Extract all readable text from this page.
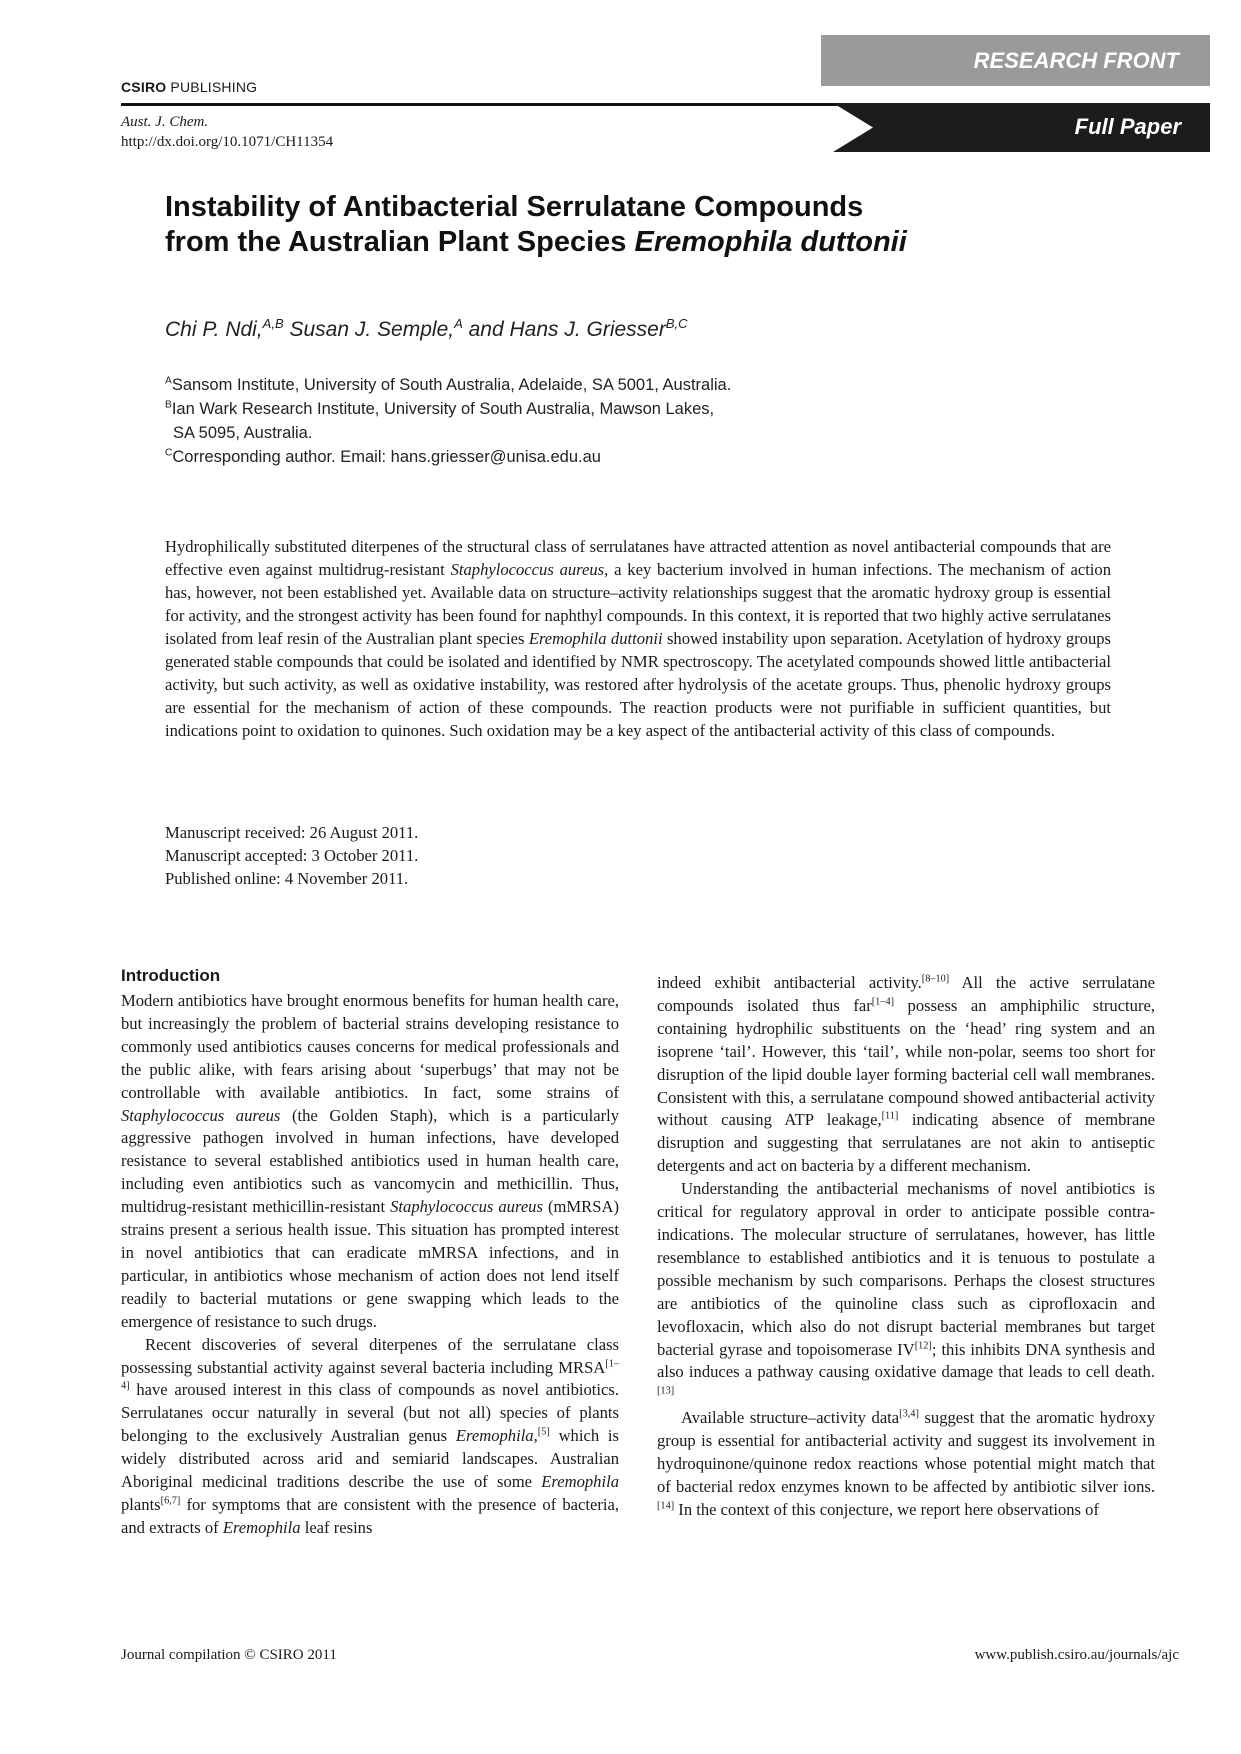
CSIRO PUBLISHING
RESEARCH FRONT
Full Paper
Aust. J. Chem.
http://dx.doi.org/10.1071/CH11354
Instability of Antibacterial Serrulatane Compounds
from the Australian Plant Species Eremophila duttonii
Chi P. Ndi,$^{A,B}$ Susan J. Semple,$^A$ and Hans J. Griesser$^{B,C}$
$^A$Sansom Institute, University of South Australia, Adelaide, SA 5001, Australia.
$^B$Ian Wark Research Institute, University of South Australia, Mawson Lakes,
SA 5095, Australia.
$^C$Corresponding author. Email: hans.griesser@unisa.edu.au
Hydrophilically substituted diterpenes of the structural class of serrulatanes have attracted attention as novel antibacterial compounds that are effective even against multidrug-resistant Staphylococcus aureus, a key bacterium involved in human infections. The mechanism of action has, however, not been established yet. Available data on structure–activity relationships suggest that the aromatic hydroxy group is essential for activity, and the strongest activity has been found for naphthyl compounds. In this context, it is reported that two highly active serrulatanes isolated from leaf resin of the Australian plant species Eremophila duttonii showed instability upon separation. Acetylation of hydroxy groups generated stable compounds that could be isolated and identified by NMR spectroscopy. The acetylated compounds showed little antibacterial activity, but such activity, as well as oxidative instability, was restored after hydrolysis of the acetate groups. Thus, phenolic hydroxy groups are essential for the mechanism of action of these compounds. The reaction products were not purifiable in sufficient quantities, but indications point to oxidation to quinones. Such oxidation may be a key aspect of the antibacterial activity of this class of compounds.
Manuscript received: 26 August 2011.
Manuscript accepted: 3 October 2011.
Published online: 4 November 2011.
Introduction

Modern antibiotics have brought enormous benefits for human health care, but increasingly the problem of bacterial strains developing resistance to commonly used antibiotics causes concerns for medical professionals and the public alike, with fears arising about ‘superbugs’ that may not be controllable with available antibiotics. In fact, some strains of Staphylococcus aureus (the Golden Staph), which is a particularly aggressive pathogen involved in human infections, have developed resistance to several established antibiotics used in human health care, including even antibiotics such as vancomycin and methicillin. Thus, multidrug-resistant methicillin-resistant Staphylococcus aureus (mMRSA) strains present a serious health issue. This situation has prompted interest in novel antibiotics that can eradicate mMRSA infections, and in particular, in antibiotics whose mechanism of action does not lend itself readily to bacterial mutations or gene swapping which leads to the emergence of resistance to such drugs.

Recent discoveries of several diterpenes of the serrulatane class possessing substantial activity against several bacteria including MRSA[1–4] have aroused interest in this class of compounds as novel antibiotics. Serrulatanes occur naturally in several (but not all) species of plants belonging to the exclusively Australian genus Eremophila,[5] which is widely distributed across arid and semiarid landscapes. Australian Aboriginal medicinal traditions describe the use of some Eremophila plants[6,7] for symptoms that are consistent with the presence of bacteria, and extracts of Eremophila leaf resins

indeed exhibit antibacterial activity.[8–10] All the active serrulatane compounds isolated thus far[1–4] possess an amphiphilic structure, containing hydrophilic substituents on the ‘head’ ring system and an isoprene ‘tail’. However, this ‘tail’, while non-polar, seems too short for disruption of the lipid double layer forming bacterial cell wall membranes. Consistent with this, a serrulatane compound showed antibacterial activity without causing ATP leakage,[11] indicating absence of membrane disruption and suggesting that serrulatanes are not akin to antiseptic detergents and act on bacteria by a different mechanism.

Understanding the antibacterial mechanisms of novel antibiotics is critical for regulatory approval in order to anticipate possible contra-indications. The molecular structure of serrulatanes, however, has little resemblance to established antibiotics and it is tenuous to postulate a possible mechanism by such comparisons. Perhaps the closest structures are antibiotics of the quinoline class such as ciprofloxacin and levofloxacin, which also do not disrupt bacterial membranes but target bacterial gyrase and topoisomerase IV[12]; this inhibits DNA synthesis and also induces a pathway causing oxidative damage that leads to cell death.[13]

Available structure–activity data[3,4] suggest that the aromatic hydroxy group is essential for antibacterial activity and suggest its involvement in hydroquinone/quinone redox reactions whose potential might match that of bacterial redox enzymes known to be affected by antibiotic silver ions.[14] In the context of this conjecture, we report here observations of

Journal compilation © CSIRO 2011	www.publish.csiro.au/journals/ajc
